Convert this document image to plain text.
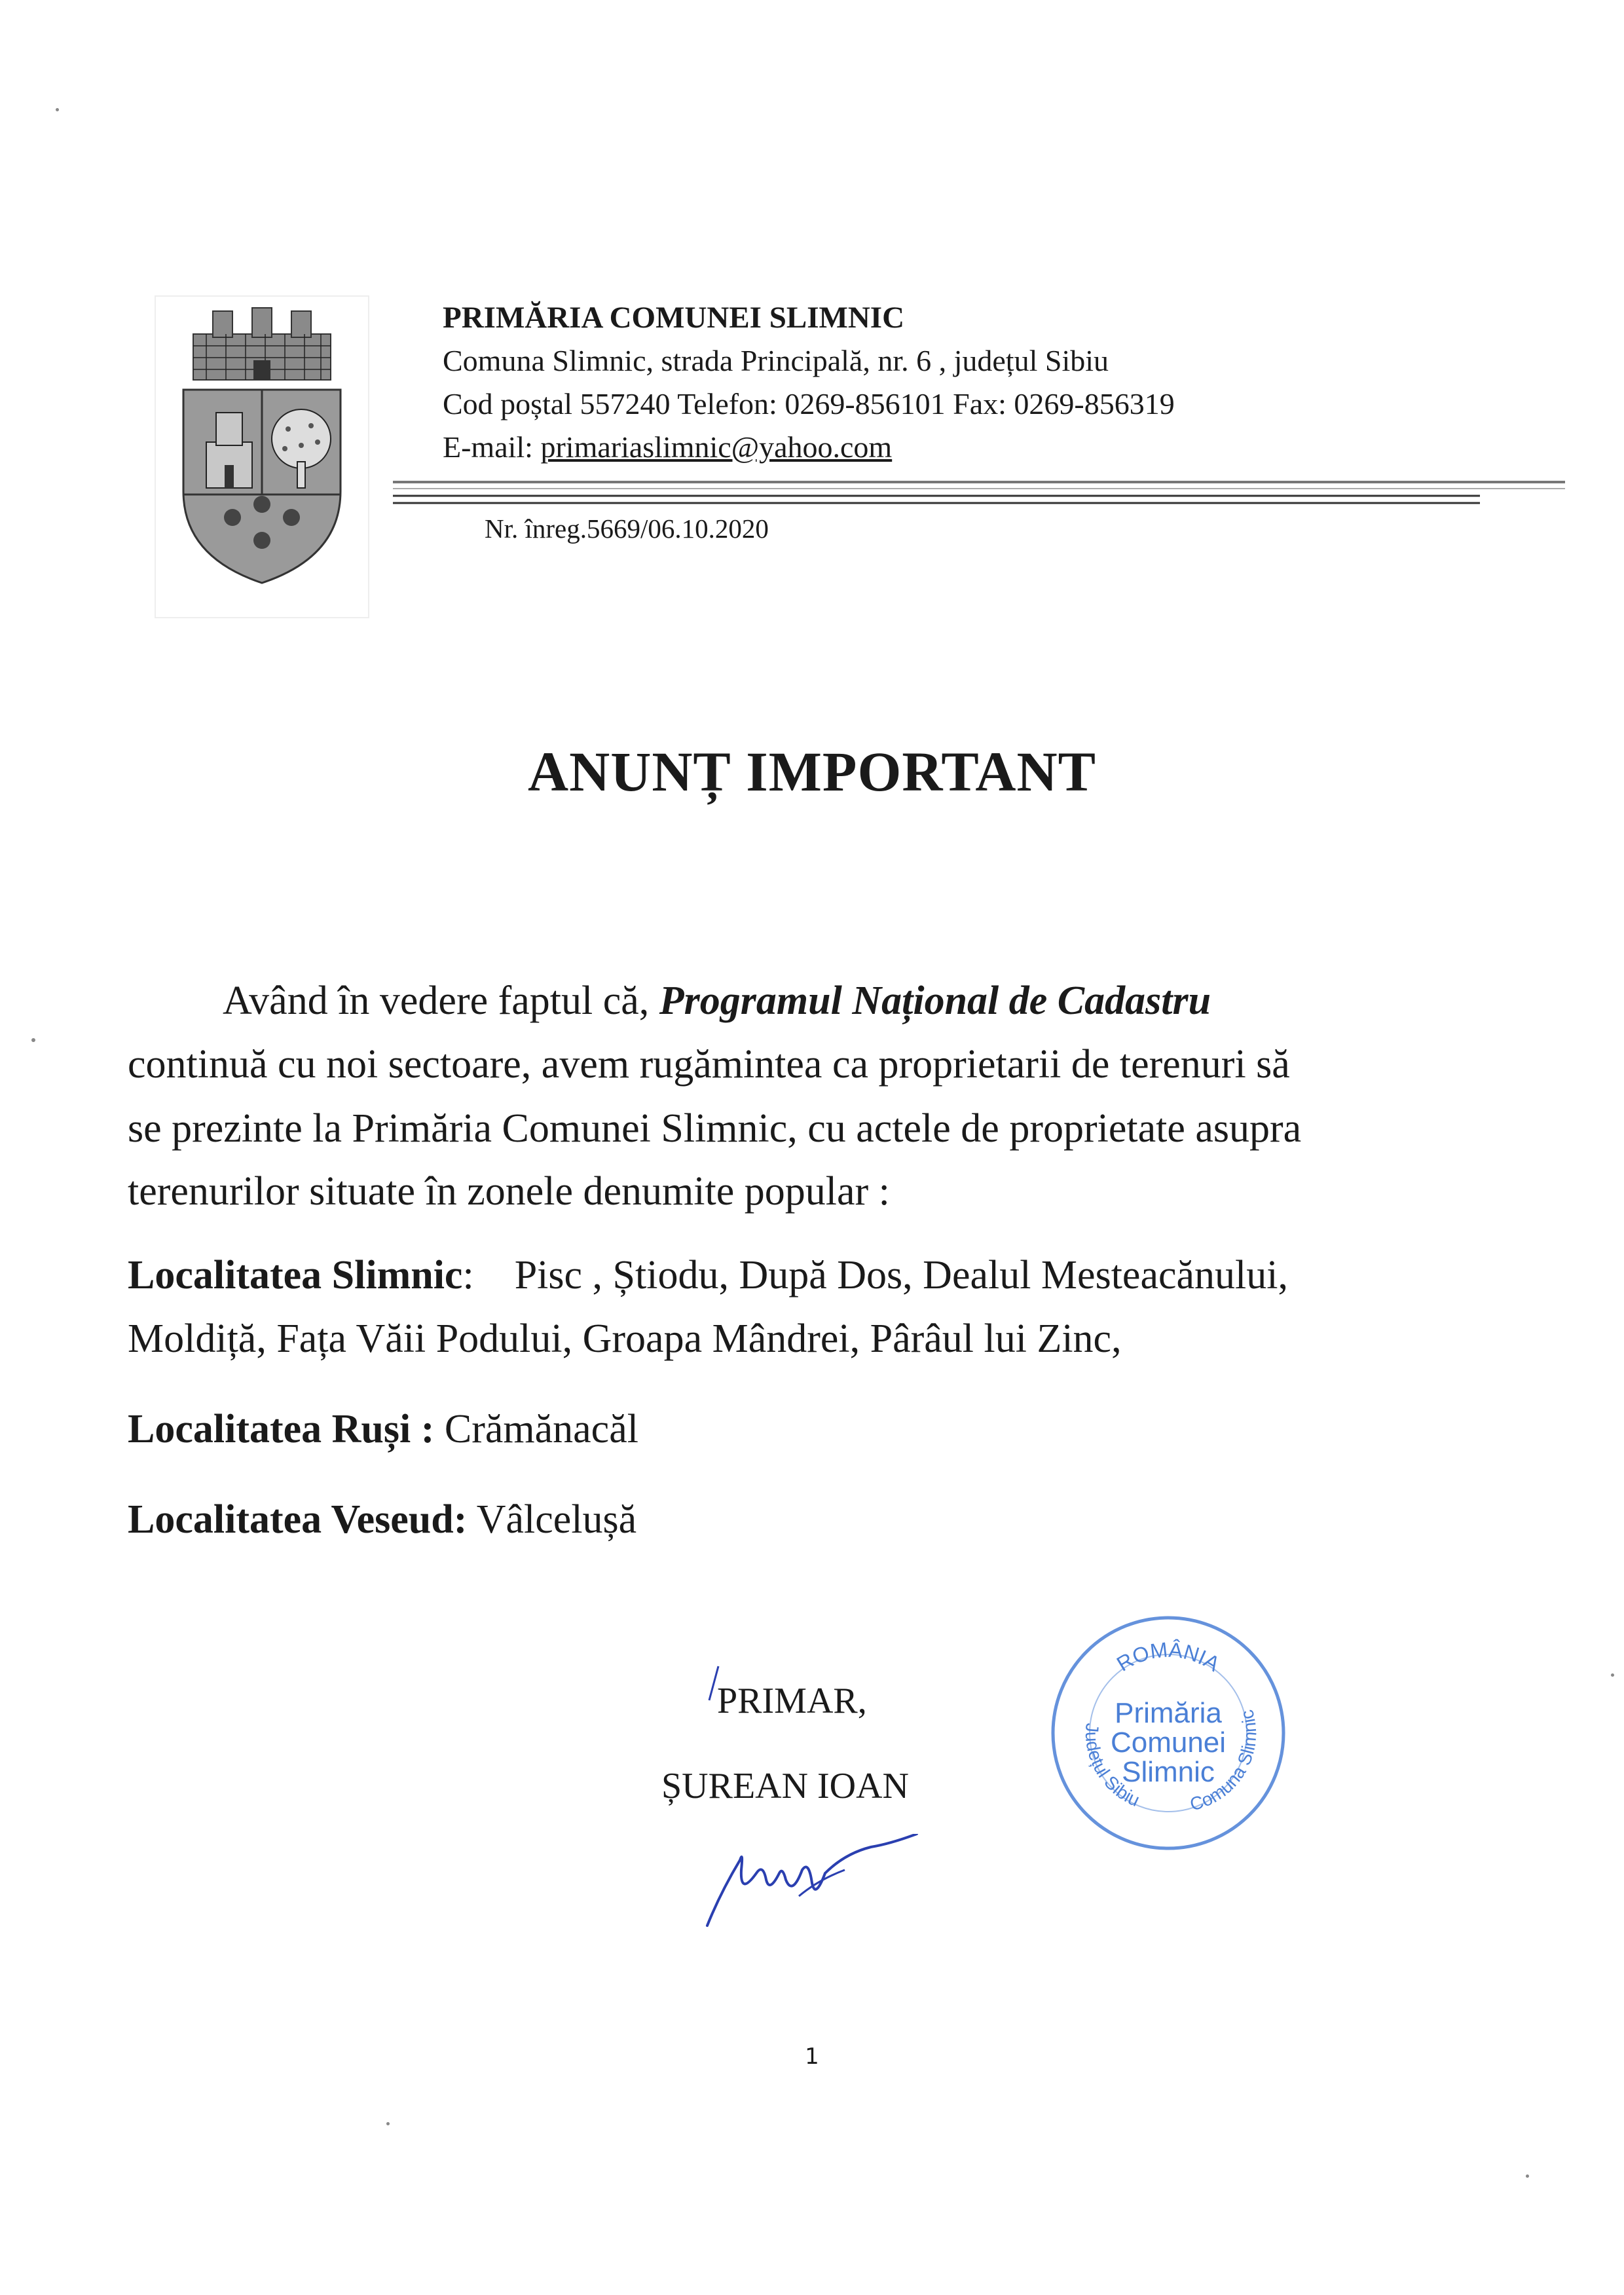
PRIMĂRIA COMUNEI SLIMNIC
Comuna Slimnic, strada Principală, nr. 6 , județul Sibiu
Cod poștal 557240 Telefon: 0269-856101 Fax: 0269-856319
E-mail: primariaslimnic@yahoo.com
Nr. înreg.5669/06.10.2020
ANUNȚ IMPORTANT
Având în vedere faptul că, Programul Național de Cadastru
continuă cu noi sectoare, avem rugămintea ca proprietarii de terenuri să
se prezinte la Primăria Comunei Slimnic, cu actele de proprietate asupra
terenurilor situate în zonele denumite popular :
Localitatea Slimnic:    Pisc , Știodu, După Dos, Dealul Mesteacănului,
Moldiță, Fața Văii Podului, Groapa Mândrei, Pârâul lui Zinc,
Localitatea Ruși : Crămănacăl
Localitatea Veseud: Vâlcelușă
PRIMAR,
ȘUREAN IOAN
ROMÂNIA
Județul Sibiu Comuna Slimnic
Primăria
Comunei
Slimnic
1
